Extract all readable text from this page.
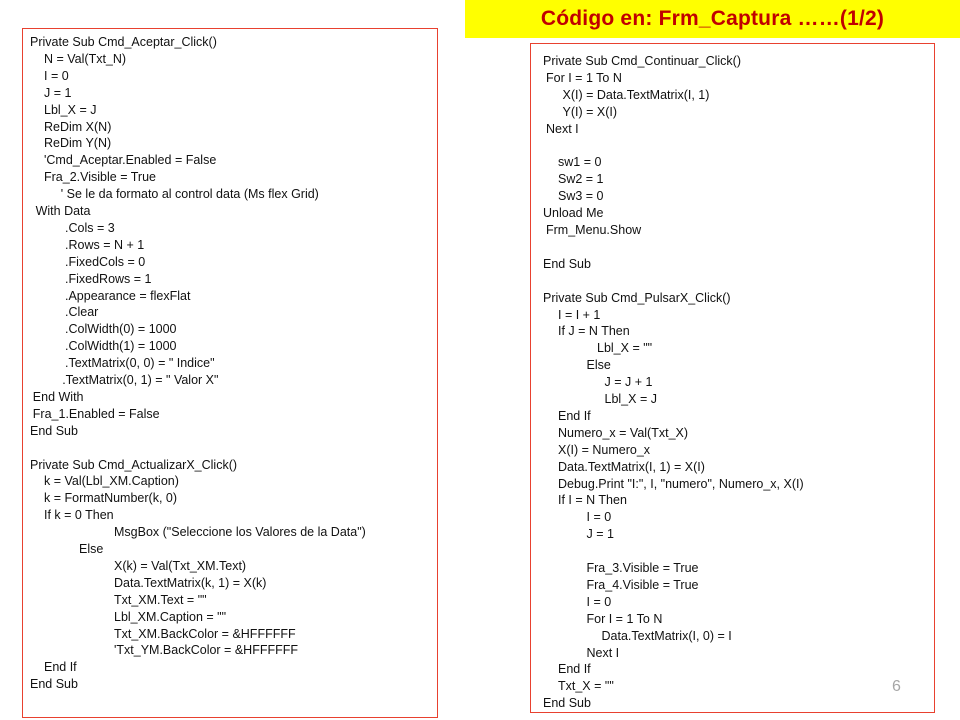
Código en: Frm_Captura ……(1/2)
Private Sub Cmd_Aceptar_Click()
N = Val(Txt_N)
I = 0
J = 1
Lbl_X = J
ReDim X(N)
ReDim Y(N)
'Cmd_Aceptar.Enabled = False
Fra_2.Visible = True
' Se le da formato al control data (Ms flex Grid)
With Data
.Cols = 3
.Rows = N + 1
.FixedCols = 0
.FixedRows = 1
.Appearance = flexFlat
.Clear
.ColWidth(0) = 1000
.ColWidth(1) = 1000
.TextMatrix(0, 0) = " Indice"
.TextMatrix(0, 1) = " Valor X"
End With
Fra_1.Enabled = False
End Sub
Private Sub Cmd_ActualizarX_Click()
k = Val(Lbl_XM.Caption)
k = FormatNumber(k, 0)
If k = 0 Then
MsgBox ("Seleccione los Valores de la Data")
Else
X(k) = Val(Txt_XM.Text)
Data.TextMatrix(k, 1) = X(k)
Txt_XM.Text = ""
Lbl_XM.Caption = ""
Txt_XM.BackColor = &HFFFFFF
'Txt_YM.BackColor = &HFFFFFF
End If
End Sub
Private Sub Cmd_Continuar_Click()
For I = 1 To N
X(I) = Data.TextMatrix(I, 1)
Y(I) = X(I)
Next I
sw1 = 0
Sw2 = 1
Sw3 = 0
Unload Me
Frm_Menu.Show
End Sub
Private Sub Cmd_PulsarX_Click()
I = I + 1
If J = N Then
Lbl_X = ""
Else
J = J + 1
Lbl_X = J
End If
Numero_x = Val(Txt_X)
X(I) = Numero_x
Data.TextMatrix(I, 1) = X(I)
Debug.Print "I:", I, "numero", Numero_x, X(I)
If I = N Then
I = 0
J = 1
Fra_3.Visible = True
Fra_4.Visible = True
I = 0
For I = 1 To N
Data.TextMatrix(I, 0) = I
Next I
End If
Txt_X = ""
End Sub
6
